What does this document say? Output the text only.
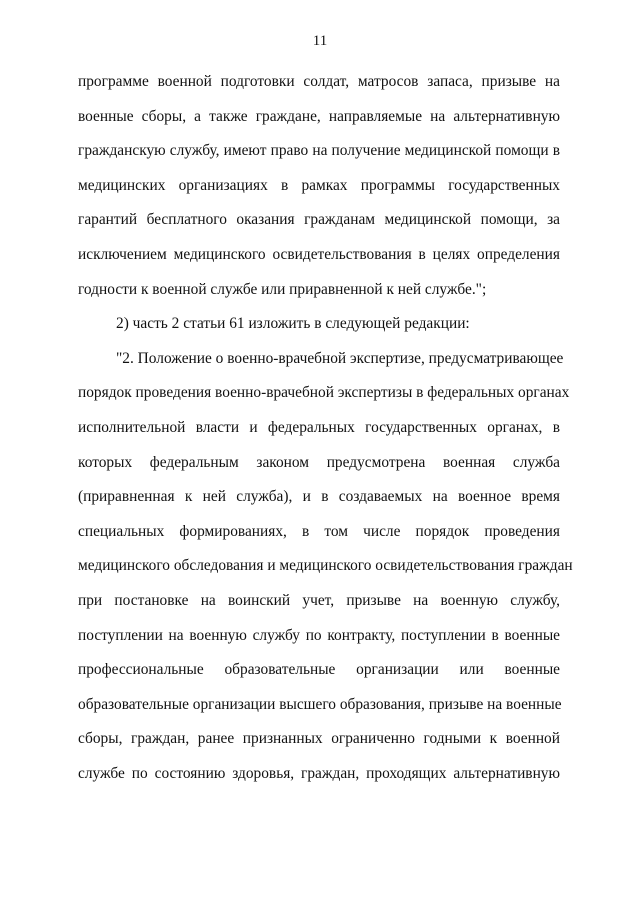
11
программе военной подготовки солдат, матросов запаса, призыве на
военные сборы, а также граждане, направляемые на альтернативную
гражданскую службу, имеют право на получение медицинской помощи в
медицинских организациях в рамках программы государственных
гарантий бесплатного оказания гражданам медицинской помощи, за
исключением медицинского освидетельствования в целях определения
годности к военной службе или приравненной к ней службе.";
2) часть 2 статьи 61 изложить в следующей редакции:
"2. Положение о военно-врачебной экспертизе, предусматривающее
порядок проведения военно-врачебной экспертизы в федеральных органах
исполнительной власти и федеральных государственных органах, в
которых федеральным законом предусмотрена военная служба
(приравненная к ней служба), и в создаваемых на военное время
специальных формированиях, в том числе порядок проведения
медицинского обследования и медицинского освидетельствования граждан
при постановке на воинский учет, призыве на военную службу,
поступлении на военную службу по контракту, поступлении в военные
профессиональные образовательные организации или военные
образовательные организации высшего образования, призыве на военные
сборы, граждан, ранее признанных ограниченно годными к военной
службе по состоянию здоровья, граждан, проходящих альтернативную
